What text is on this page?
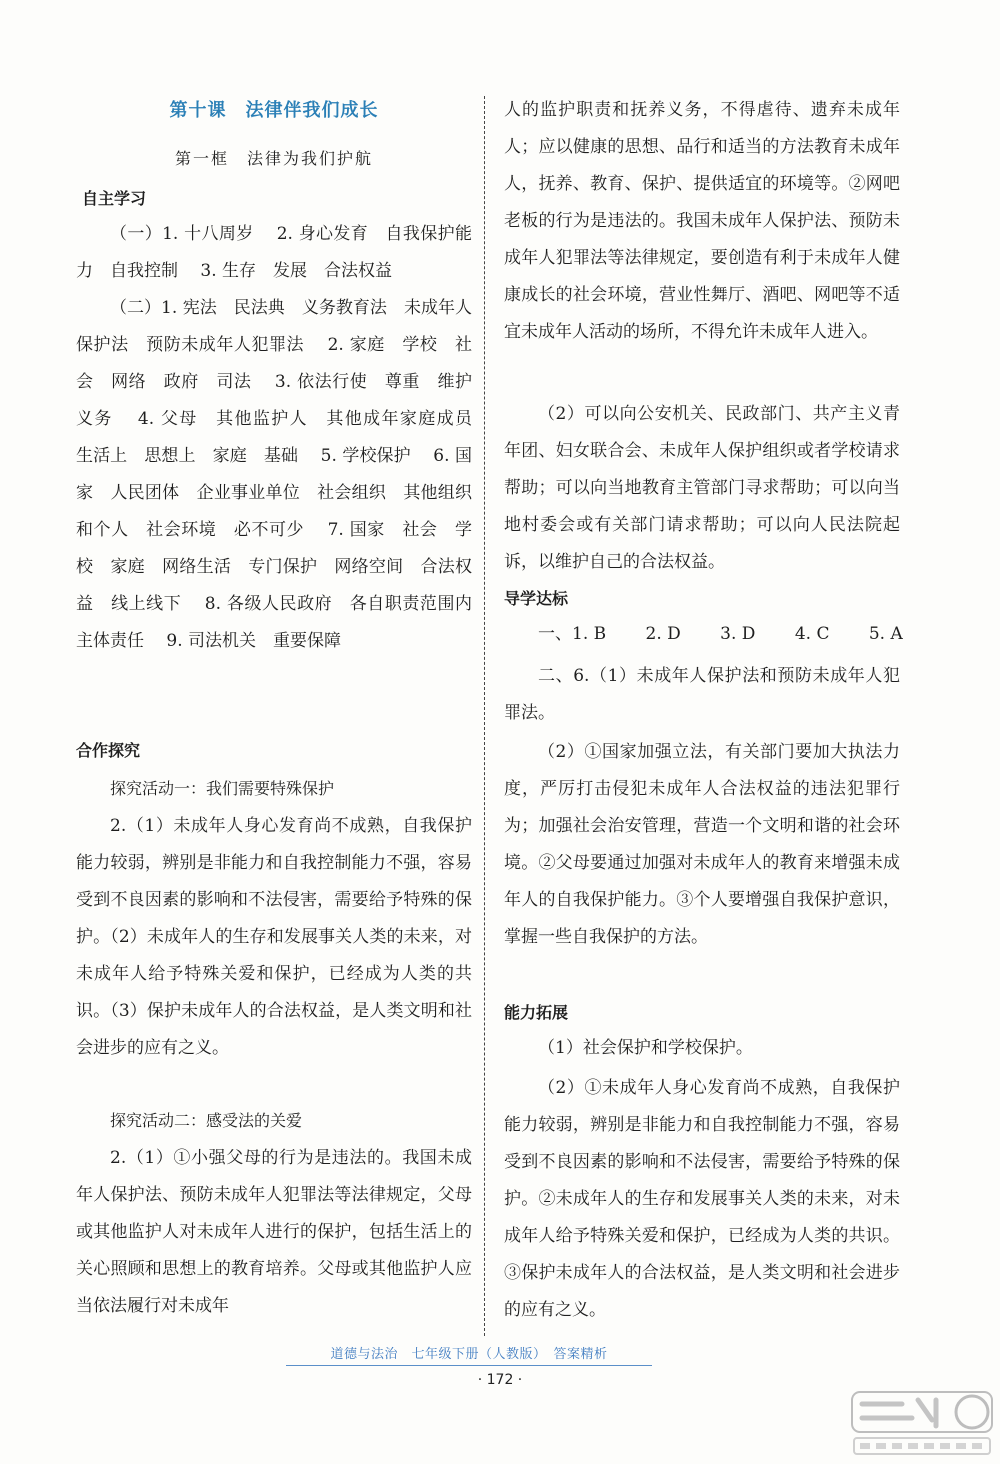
第十课　法律伴我们成长
第一框　法律为我们护航
自主学习

（一）1. 十八周岁　 2. 身心发育　自我保护能力　自我控制　 3. 生存　发展　合法权益

（二）1. 宪法　民法典　义务教育法　未成年人保护法　预防未成年人犯罪法　 2. 家庭　学校　社会　网络　政府　司法　 3. 依法行使　尊重　维护　义务　 4. 父母　其他监护人　其他成年家庭成员　生活上　思想上　家庭　基础　 5. 学校保护　 6. 国家　人民团体　企业事业单位　社会组织　其他组织和个人　社会环境　必不可少　 7. 国家　社会　学校　家庭　网络生活　专门保护　网络空间　合法权益　线上线下　 8. 各级人民政府　各自职责范围内　主体责任　 9. 司法机关　重要保障

合作探究
探究活动一：我们需要特殊保护

2.（1）未成年人身心发育尚不成熟，自我保护能力较弱，辨别是非能力和自我控制能力不强，容易受到不良因素的影响和不法侵害，需要给予特殊的保护。（2）未成年人的生存和发展事关人类的未来，对未成年人给予特殊关爱和保护，已经成为人类的共识。（3）保护未成年人的合法权益，是人类文明和社会进步的应有之义。

探究活动二：感受法的关爱

2.（1）①小强父母的行为是违法的。我国未成年人保护法、预防未成年人犯罪法等法律规定，父母或其他监护人对未成年人进行的保护，包括生活上的关心照顾和思想上的教育培养。父母或其他监护人应当依法履行对未成年

人的监护职责和抚养义务，不得虐待、遗弃未成年人；应以健康的思想、品行和适当的方法教育未成年人，抚养、教育、保护、提供适宜的环境等。②网吧老板的行为是违法的。我国未成年人保护法、预防未成年人犯罪法等法律规定，要创造有利于未成年人健康成长的社会环境，营业性舞厅、酒吧、网吧等不适宜未成年人活动的场所，不得允许未成年人进入。

（2）可以向公安机关、民政部门、共产主义青年团、妇女联合会、未成年人保护组织或者学校请求帮助；可以向当地教育主管部门寻求帮助；可以向当地村委会或有关部门请求帮助；可以向人民法院起诉，以维护自己的合法权益。

导学达标
一、1. B　　 2. D　　 3. D　　 4. C　　 5. A

二、6.（1）未成年人保护法和预防未成年人犯罪法。

（2）①国家加强立法，有关部门要加大执法力度，严厉打击侵犯未成年人合法权益的违法犯罪行为；加强社会治安管理，营造一个文明和谐的社会环境。②父母要通过加强对未成年人的教育来增强未成年人的自我保护能力。③个人要增强自我保护意识，掌握一些自我保护的方法。

能力拓展

（1）社会保护和学校保护。

（2）①未成年人身心发育尚不成熟，自我保护能力较弱，辨别是非能力和自我控制能力不强，容易受到不良因素的影响和不法侵害，需要给予特殊的保护。②未成年人的生存和发展事关人类的未来，对未成年人给予特殊关爱和保护，已经成为人类的共识。③保护未成年人的合法权益，是人类文明和社会进步的应有之义。

道德与法治　七年级下册（人教版）　答案精析
· 172 ·
